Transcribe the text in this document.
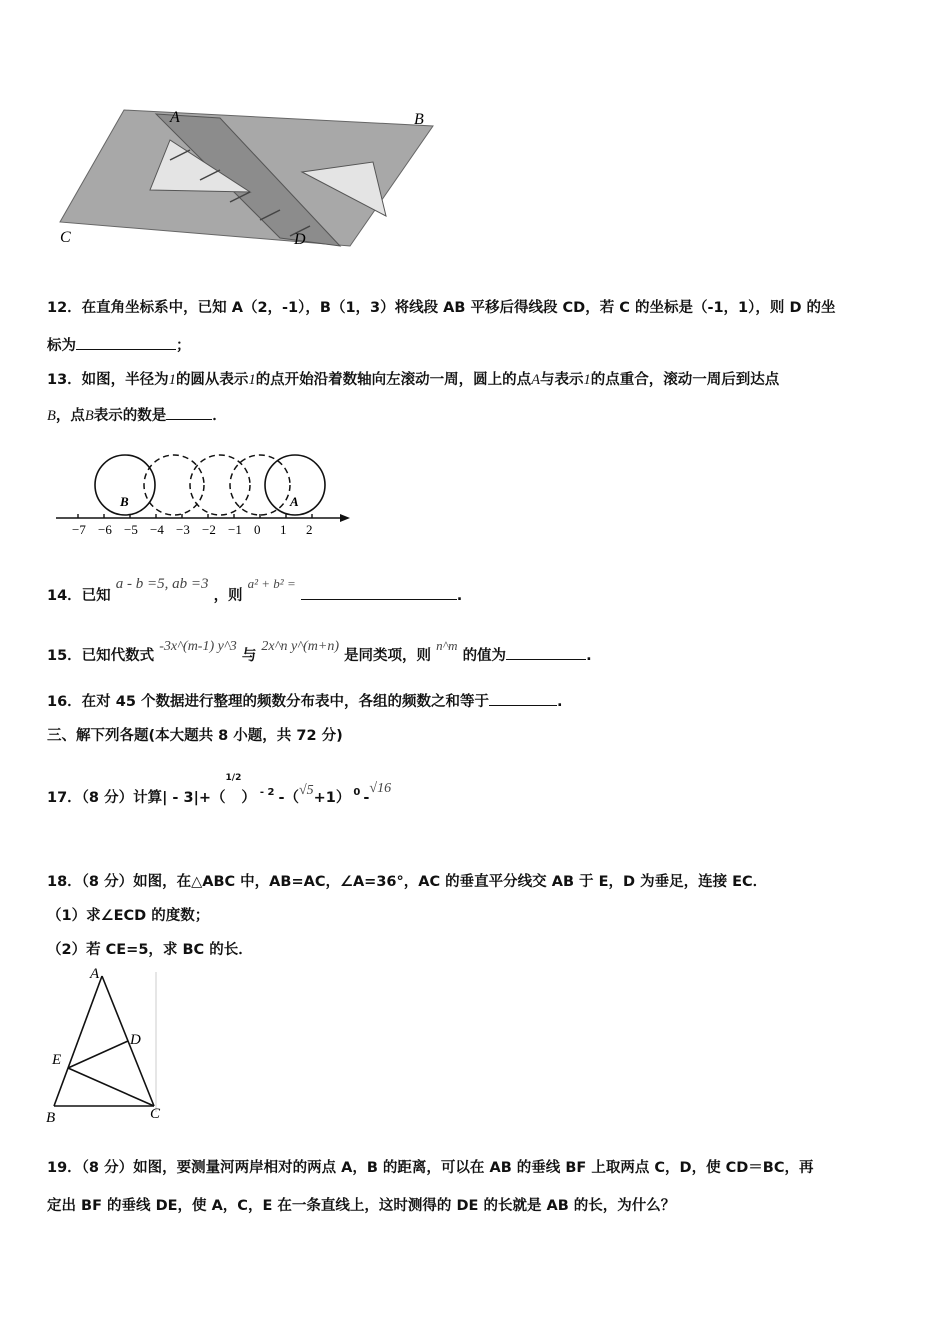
A	B
C	D
12．在直角坐标系中，已知 A（2，-1），B（1，3）将线段 AB 平移后得线段 CD，若 C 的坐标是（-1，1），则 D 的坐
标为	；
13．如图，半径为1的圆从表示1的点开始沿着数轴向左滚动一周，圆上的点A与表示1的点重合，滚动一周后到达点
B，点B表示的数是	．
−7 −6 −5 −4 −3 −2 −1 0 1 2
B	A
14．已知 a - b =5, ab =3 ，则 a² + b² = .
15．已知代数式 -3x^(m-1) y^3 与 2x^n y^(m+n) 是同类项，则 n^m 的值为	.
16．在对 45 个数据进行整理的频数分布表中，各组的频数之和等于	.
三、解下列各题(本大题共 8 小题，共 72 分)
17．（8 分）计算| - 3|+（$^{1/2}$） $^{- 2}$ -（√5+1） $^0$ -√16
18．（8 分）如图，在△ABC 中，AB=AC，∠A=36°，AC 的垂直平分线交 AB 于 E，D 为垂足，连接 EC．
（1）求∠ECD 的度数；
（2）若 CE=5，求 BC 的长．
A
D
E
B	C
19．（8 分）如图，要测量河两岸相对的两点 A，B 的距离，可以在 AB 的垂线 BF 上取两点 C，D，使 CD＝BC，再
定出 BF 的垂线 DE，使 A，C，E 在一条直线上，这时测得的 DE 的长就是 AB 的长，为什么？
